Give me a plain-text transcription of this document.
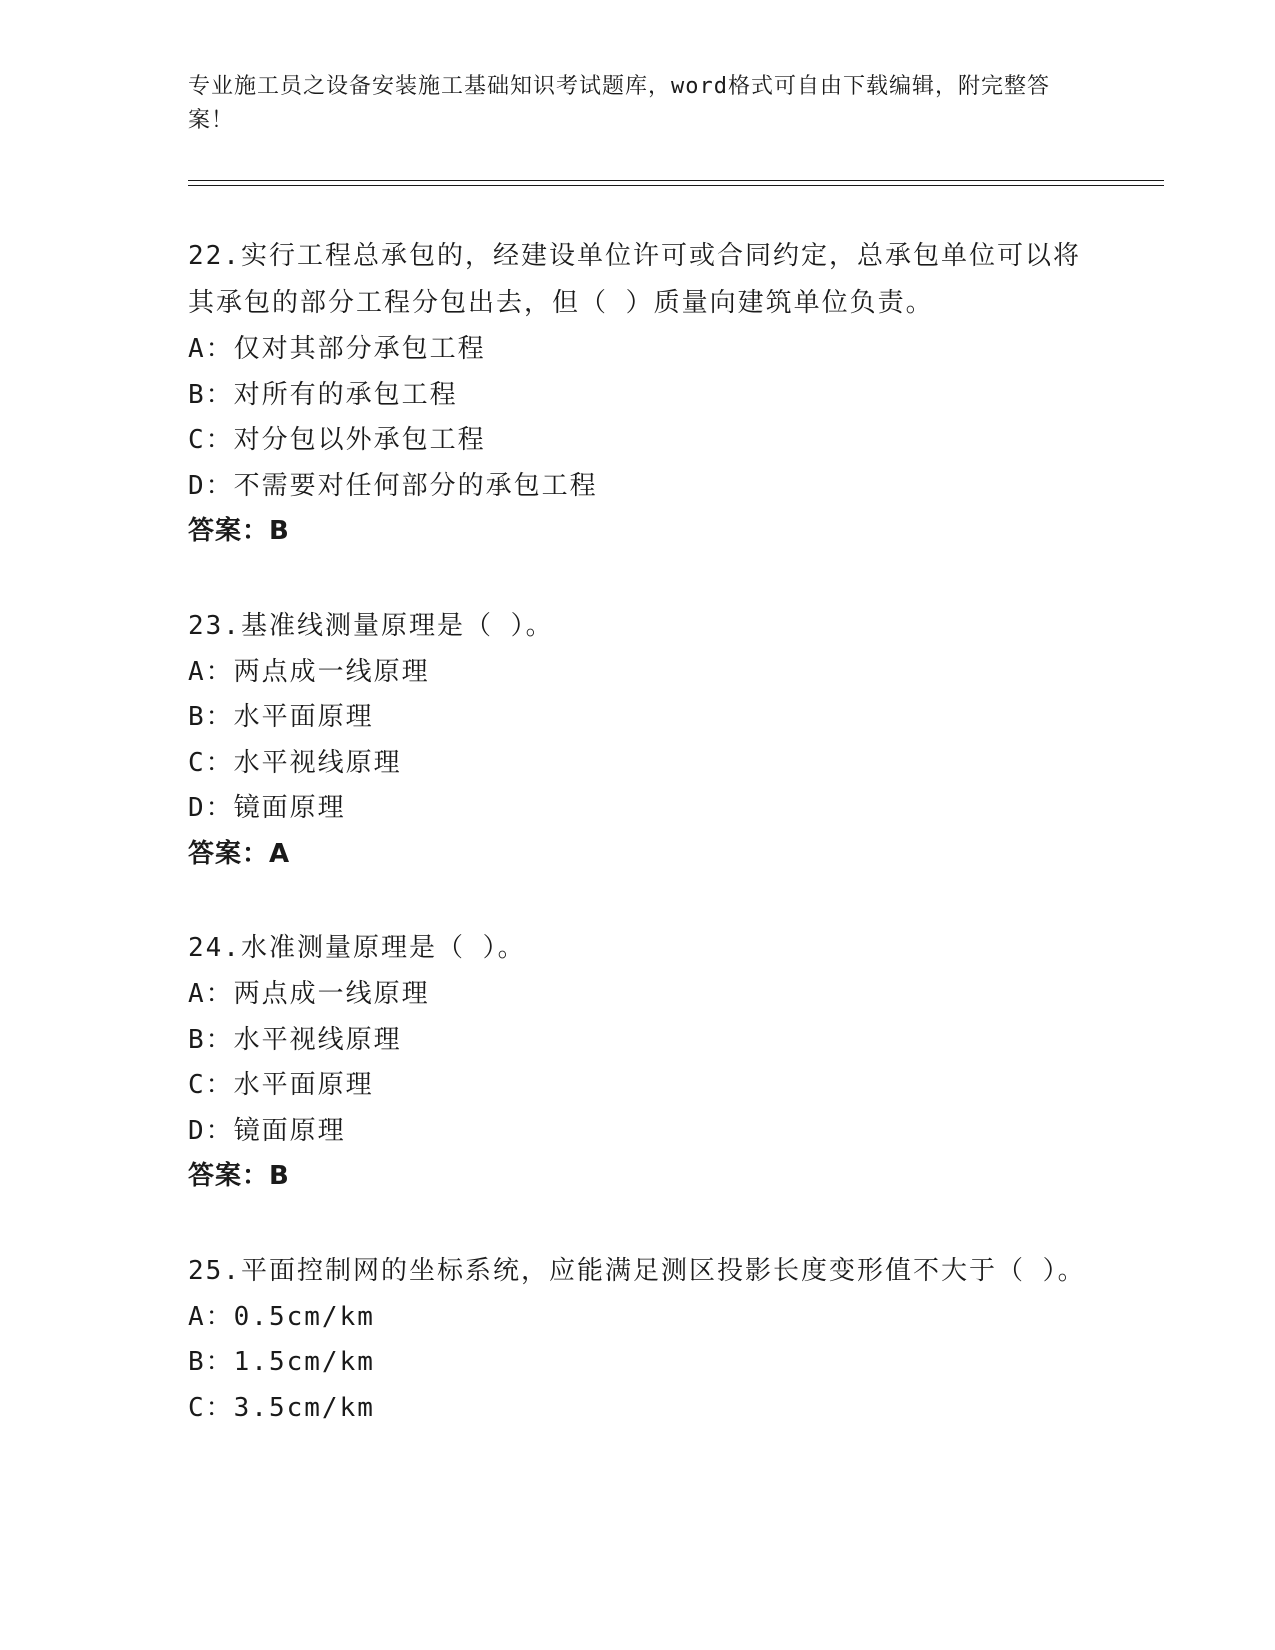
专业施工员之设备安装施工基础知识考试题库，word格式可自由下载编辑，附完整答案！
22.实行工程总承包的，经建设单位许可或合同约定，总承包单位可以将其承包的部分工程分包出去，但（ ）质量向建筑单位负责。
A：仅对其部分承包工程
B：对所有的承包工程
C：对分包以外承包工程
D：不需要对任何部分的承包工程
答案：B
23.基准线测量原理是（ ）。
A：两点成一线原理
B：水平面原理
C：水平视线原理
D：镜面原理
答案：A
24.水准测量原理是（ ）。
A：两点成一线原理
B：水平视线原理
C：水平面原理
D：镜面原理
答案：B
25.平面控制网的坐标系统，应能满足测区投影长度变形值不大于（ ）。
A：0.5cm/km
B：1.5cm/km
C：3.5cm/km
